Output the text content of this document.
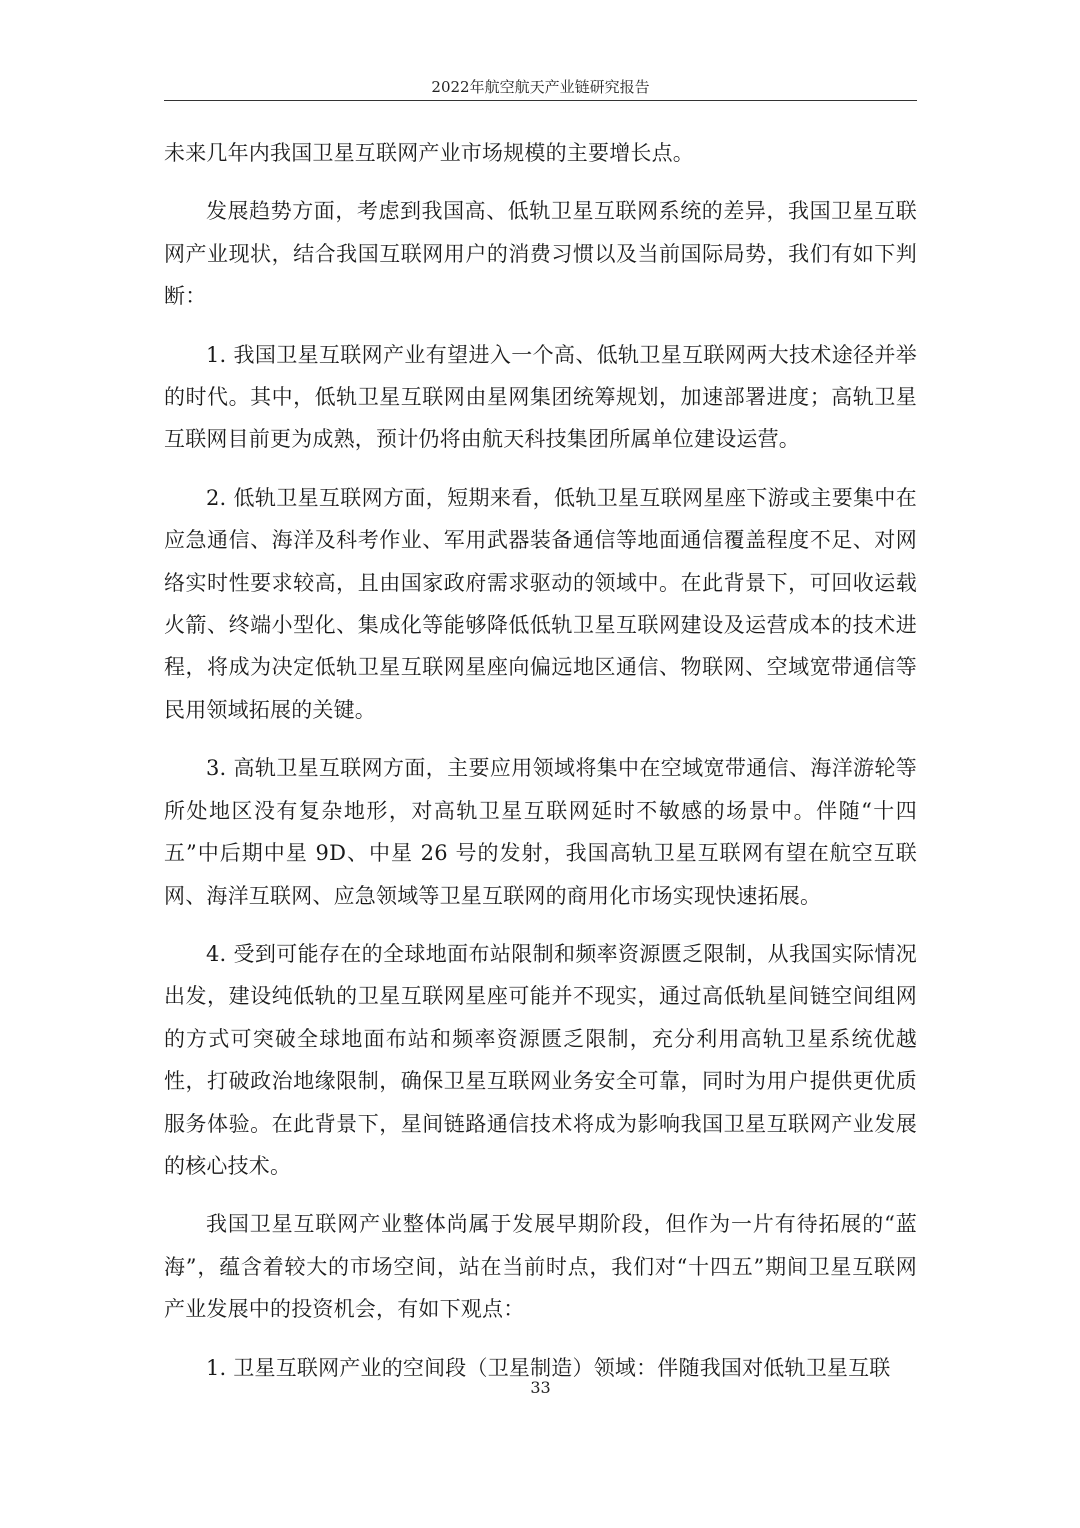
2022年航空航天产业链研究报告

未来几年内我国卫星互联网产业市场规模的主要增长点。

发展趋势方面，考虑到我国高、低轨卫星互联网系统的差异，我国卫星互联网产业现状，结合我国互联网用户的消费习惯以及当前国际局势，我们有如下判断：

1. 我国卫星互联网产业有望进入一个高、低轨卫星互联网两大技术途径并举的时代。其中，低轨卫星互联网由星网集团统筹规划，加速部署进度；高轨卫星互联网目前更为成熟，预计仍将由航天科技集团所属单位建设运营。

2. 低轨卫星互联网方面，短期来看，低轨卫星互联网星座下游或主要集中在应急通信、海洋及科考作业、军用武器装备通信等地面通信覆盖程度不足、对网络实时性要求较高，且由国家政府需求驱动的领域中。在此背景下，可回收运载火箭、终端小型化、集成化等能够降低低轨卫星互联网建设及运营成本的技术进程，将成为决定低轨卫星互联网星座向偏远地区通信、物联网、空域宽带通信等民用领域拓展的关键。

3. 高轨卫星互联网方面，主要应用领域将集中在空域宽带通信、海洋游轮等所处地区没有复杂地形，对高轨卫星互联网延时不敏感的场景中。伴随“十四五”中后期中星 9D、中星 26 号的发射，我国高轨卫星互联网有望在航空互联网、海洋互联网、应急领域等卫星互联网的商用化市场实现快速拓展。

4. 受到可能存在的全球地面布站限制和频率资源匮乏限制，从我国实际情况出发，建设纯低轨的卫星互联网星座可能并不现实，通过高低轨星间链空间组网的方式可突破全球地面布站和频率资源匮乏限制，充分利用高轨卫星系统优越性，打破政治地缘限制，确保卫星互联网业务安全可靠，同时为用户提供更优质服务体验。在此背景下，星间链路通信技术将成为影响我国卫星互联网产业发展的核心技术。

我国卫星互联网产业整体尚属于发展早期阶段，但作为一片有待拓展的“蓝海”，蕴含着较大的市场空间，站在当前时点，我们对“十四五”期间卫星互联网产业发展中的投资机会，有如下观点：

1. 卫星互联网产业的空间段（卫星制造）领域：伴随我国对低轨卫星互联

33
